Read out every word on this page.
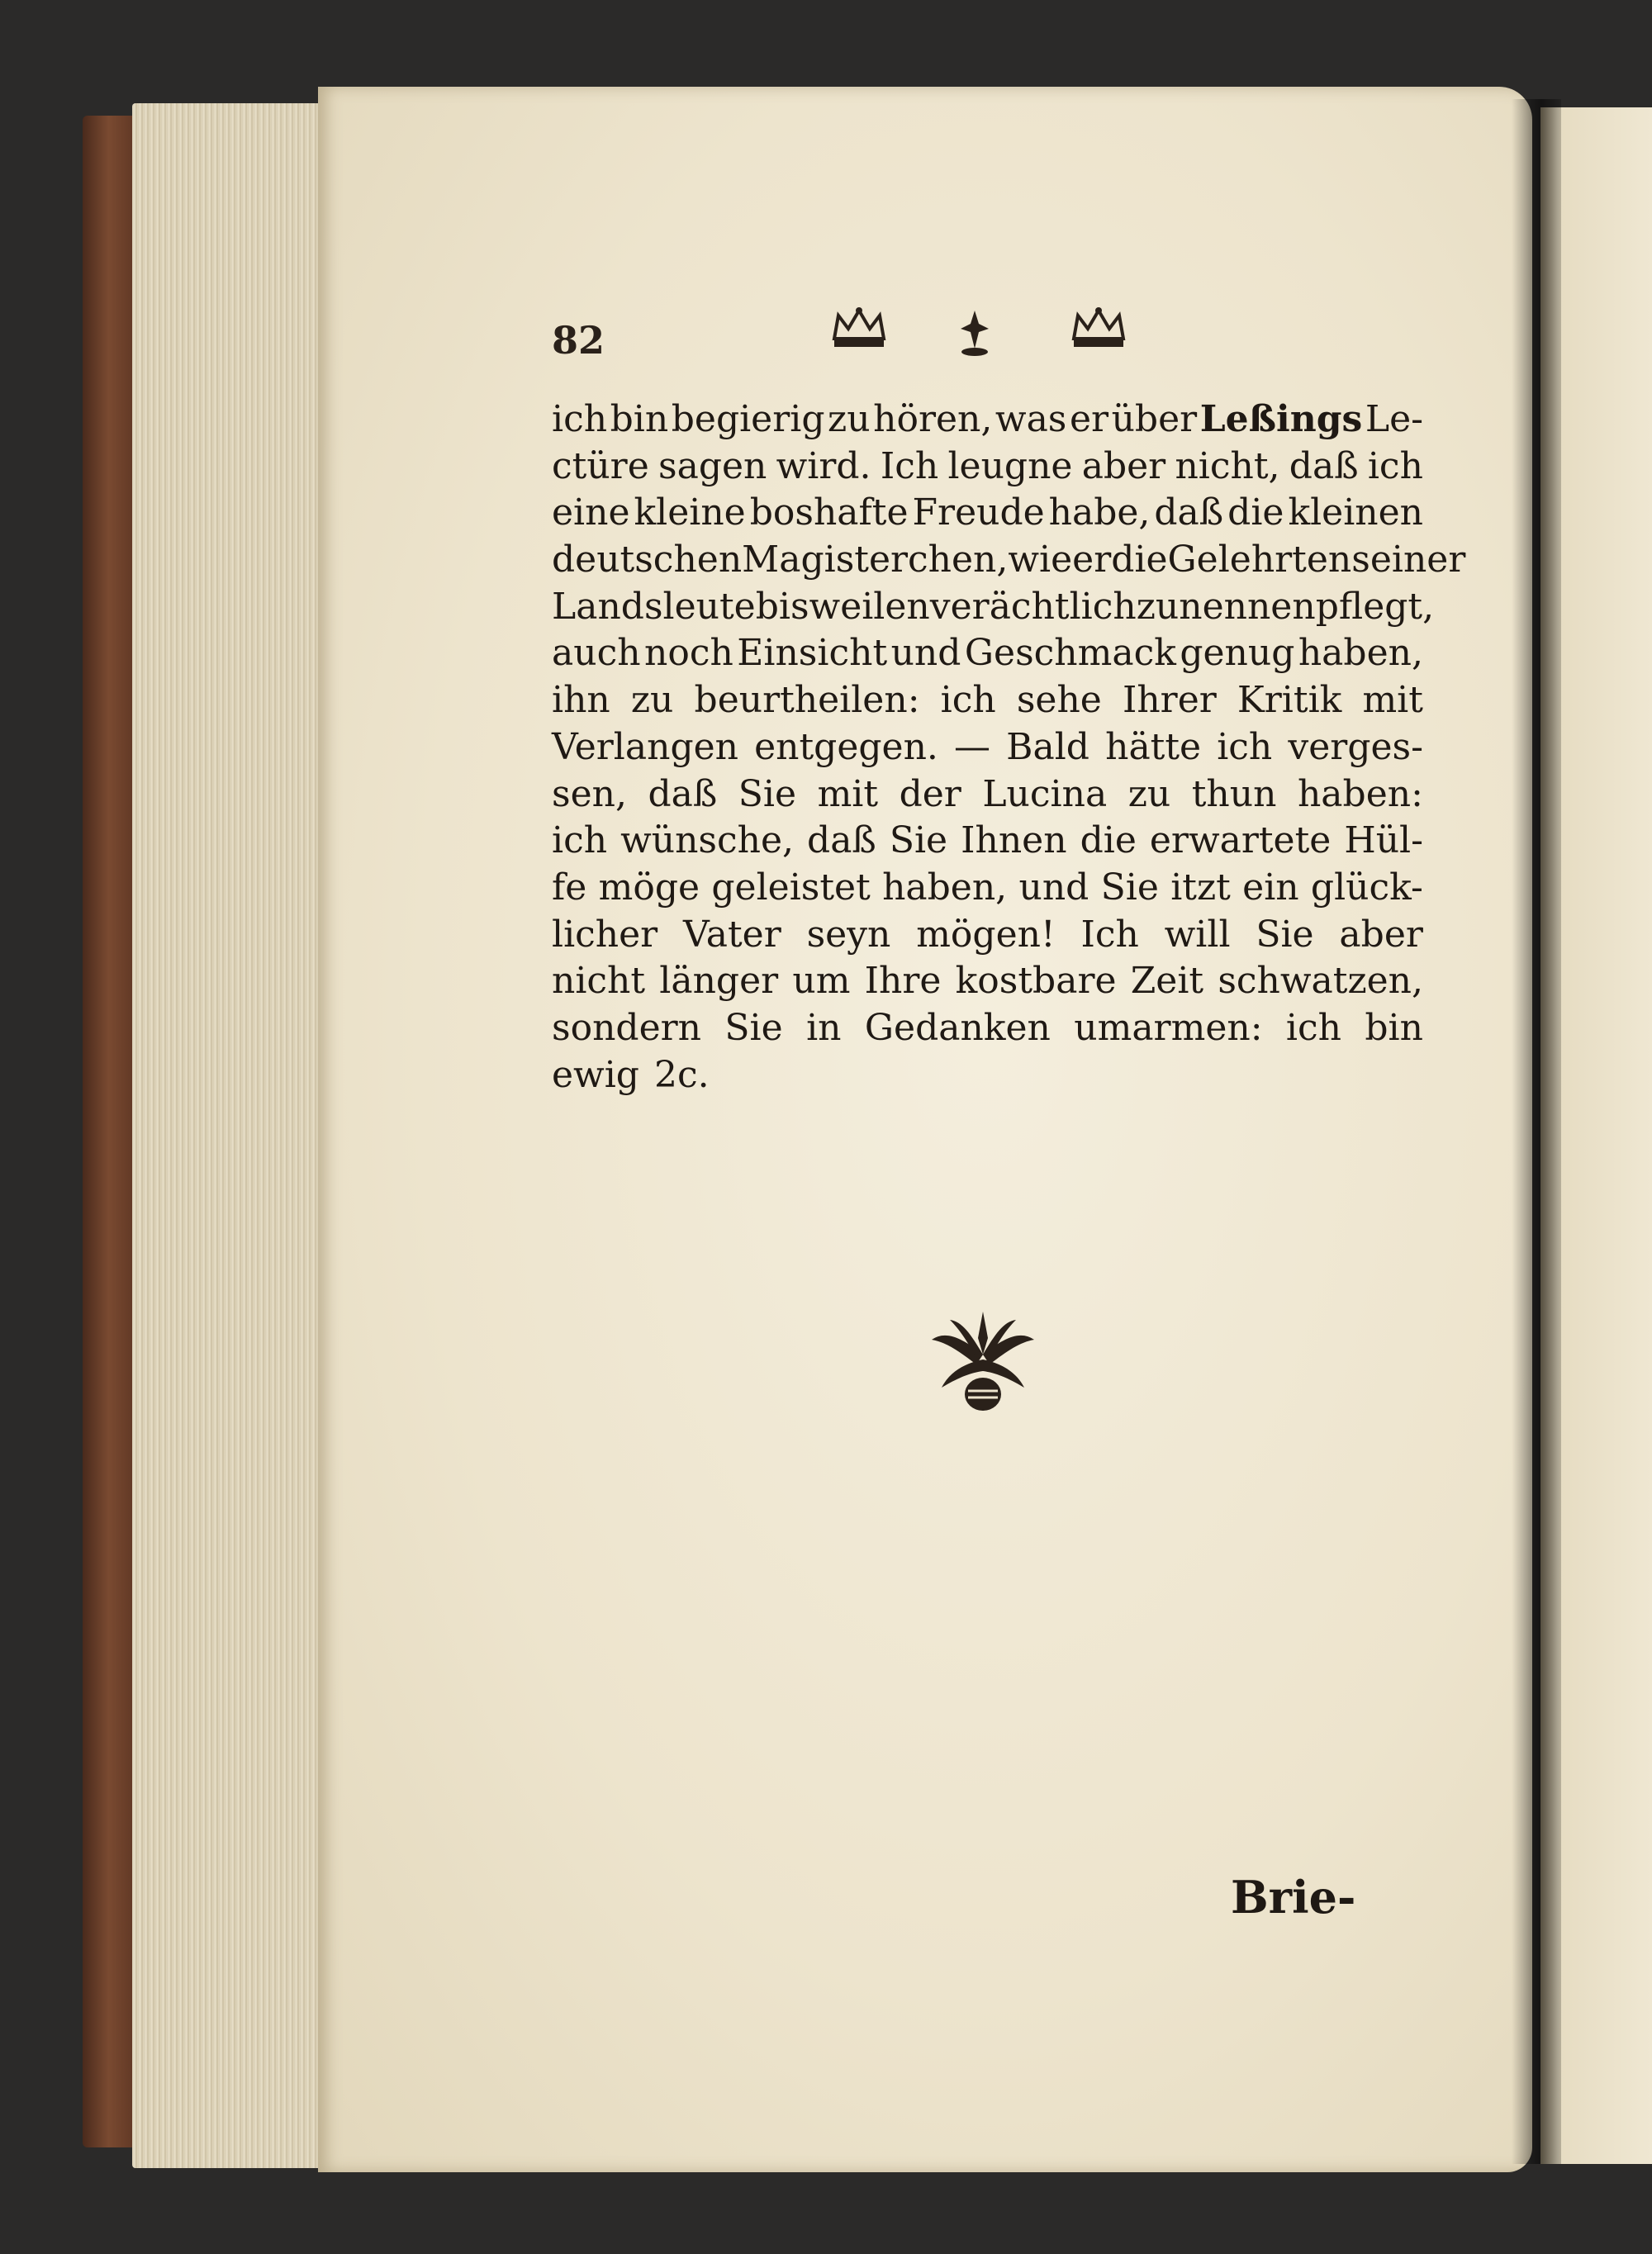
82

ich bin begierig zu hören, was er über Leßings Le-
ctüre sagen wird. Ich leugne aber nicht, daß ich
eine kleine boshafte Freude habe, daß die kleinen
deutschen Magisterchen, wie er die Gelehrten seiner
Landsleute bisweilen verächtlich zu nennen pflegt,
auch noch Einsicht und Geschmack genug haben,
ihn zu beurtheilen: ich sehe Ihrer Kritik mit
Verlangen entgegen. — Bald hätte ich verges-
sen, daß Sie mit der Lucina zu thun haben:
ich wünsche, daß Sie Ihnen die erwartete Hül-
fe möge geleistet haben, und Sie itzt ein glück-
licher Vater seyn mögen! Ich will Sie aber
nicht länger um Ihre kostbare Zeit schwatzen,
sondern Sie in Gedanken umarmen: ich bin
ewig 2c.
Brie-
